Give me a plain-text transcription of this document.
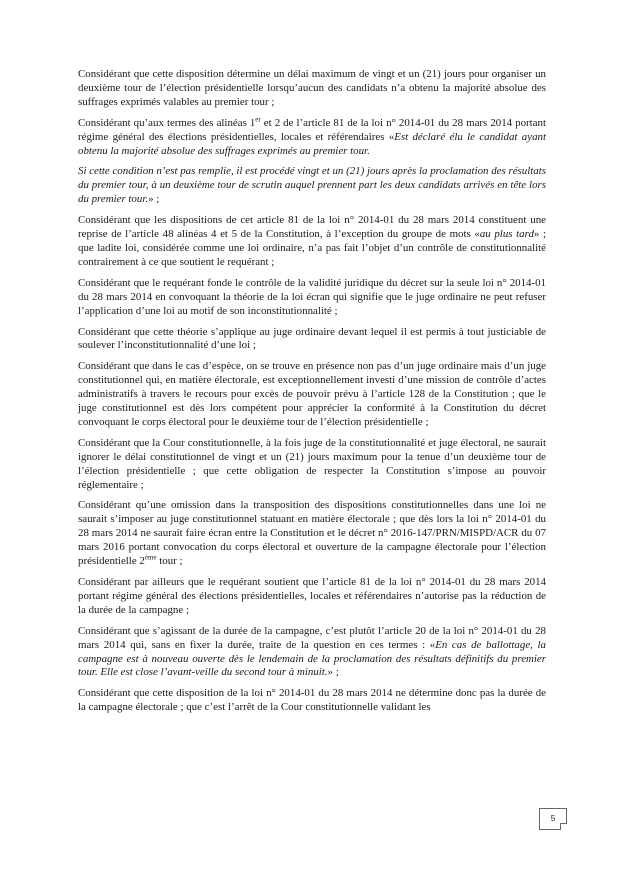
Considérant que cette disposition détermine un délai maximum de vingt et un (21) jours pour organiser un deuxième tour de l’élection présidentielle lorsqu’aucun des candidats n’a obtenu la majorité absolue des suffrages exprimés valables au premier tour ;

Considérant qu’aux termes des alinéas 1er et 2 de l’article 81 de la loi n° 2014-01 du 28 mars 2014 portant régime général des élections présidentielles, locales et référendaires «Est déclaré élu le candidat ayant obtenu la majorité absolue des suffrages exprimés au premier tour.

Si cette condition n’est pas remplie, il est procédé vingt et un (21) jours après la proclamation des résultats du premier tour, à un deuxième tour de scrutin auquel prennent part les deux candidats arrivés en tête lors du premier tour.» ;

Considérant que les dispositions de cet article 81 de la loi n° 2014-01 du 28 mars 2014 constituent une reprise de l’article 48 alinéas 4 et 5 de la Constitution, à l’exception du groupe de mots «au plus tard» ; que ladite loi, considérée comme une loi ordinaire, n’a pas fait l’objet d’un contrôle de constitutionnalité contrairement à ce que soutient le requérant ;

Considérant que le requérant fonde le contrôle de la validité juridique du décret sur la seule loi n° 2014-01 du 28 mars 2014 en convoquant la théorie de la loi écran qui signifie que le juge ordinaire ne peut refuser l’application d’une loi au motif de son inconstitutionnalité ;

Considérant que cette théorie s’applique au juge ordinaire devant lequel il est permis à tout justiciable de soulever l’inconstitutionnalité d’une loi ;

Considérant que dans le cas d’espèce, on se trouve en présence non pas d’un juge ordinaire mais d’un juge constitutionnel qui, en matière électorale, est exceptionnellement investi d’une mission de contrôle d’actes administratifs à travers le recours pour excès de pouvoir prévu à l’article 128 de la Constitution ; que le juge constitutionnel est dès lors compétent pour apprécier la conformité à la Constitution du décret convoquant le corps électoral pour le deuxième tour de l’élection présidentielle ;

Considérant que la Cour constitutionnelle, à la fois juge de la constitutionnalité et juge électoral, ne saurait ignorer le délai constitutionnel de vingt et un (21) jours maximum pour la tenue d’un deuxième tour de l’élection présidentielle ; que cette obligation de respecter la Constitution s’impose au pouvoir réglementaire ;

Considérant qu’une omission dans la transposition des dispositions constitutionnelles dans une loi ne saurait s’imposer au juge constitutionnel statuant en matière électorale ; que dès lors la loi n° 2014-01 du 28 mars 2014 ne saurait faire écran entre la Constitution et le décret n° 2016-147/PRN/MISPD/ACR du 07 mars 2016 portant convocation du corps électoral et ouverture de la campagne électorale pour l’élection présidentielle 2ème tour ;

Considérant par ailleurs que le requérant soutient que l’article 81 de la loi n° 2014-01 du 28 mars 2014 portant régime général des élections présidentielles, locales et référendaires n’autorise pas la réduction de la durée de la campagne ;

Considérant que s’agissant de la durée de la campagne, c’est plutôt l’article 20 de la loi n° 2014-01 du 28 mars 2014 qui, sans en fixer la durée, traite de la question en ces termes : «En cas de ballottage, la campagne est à nouveau ouverte dès le lendemain de la proclamation des résultats définitifs du premier tour. Elle est close l’avant-veille du second tour à minuit.» ;

Considérant que cette disposition de la loi n° 2014-01 du 28 mars 2014 ne détermine donc pas la durée de la campagne électorale ; que c’est l’arrêt de la Cour constitutionnelle validant les

5
